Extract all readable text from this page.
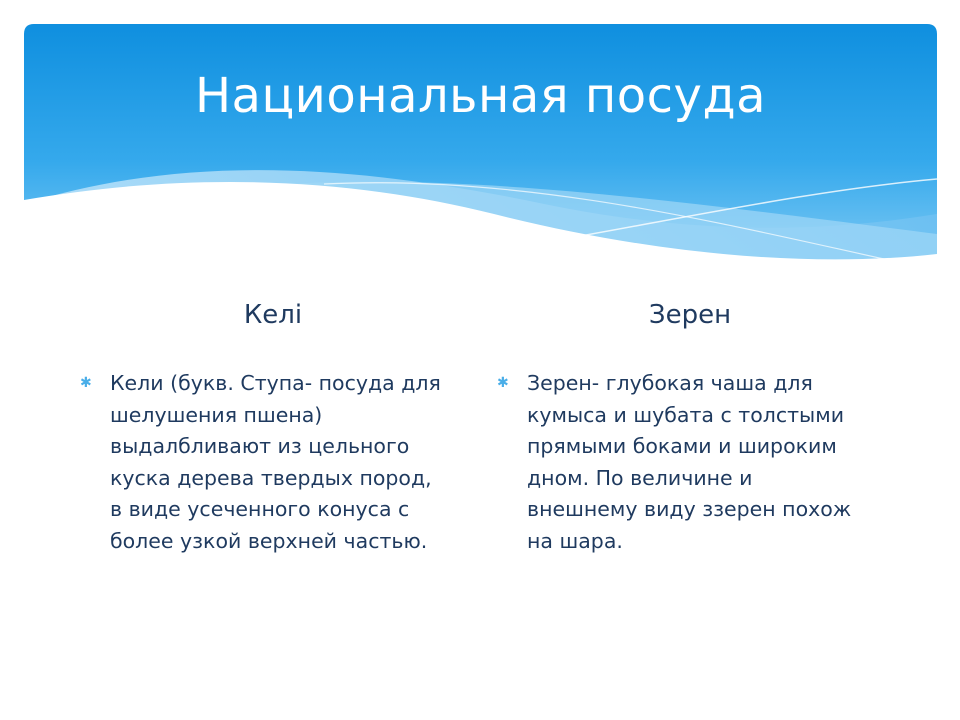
Национальная посуда
Келі	Зерен
✱ Кели (букв. Ступа- посуда для
шелушения пшена)
выдалбливают из цельного
куска дерева твердых пород,
в виде усеченного конуса с
более узкой верхней частью.
✱ Зерен- глубокая чаша для
кумыса и шубата с толстыми
прямыми боками и широким
дном. По величине и
внешнему виду ззерен похож
на шара.
